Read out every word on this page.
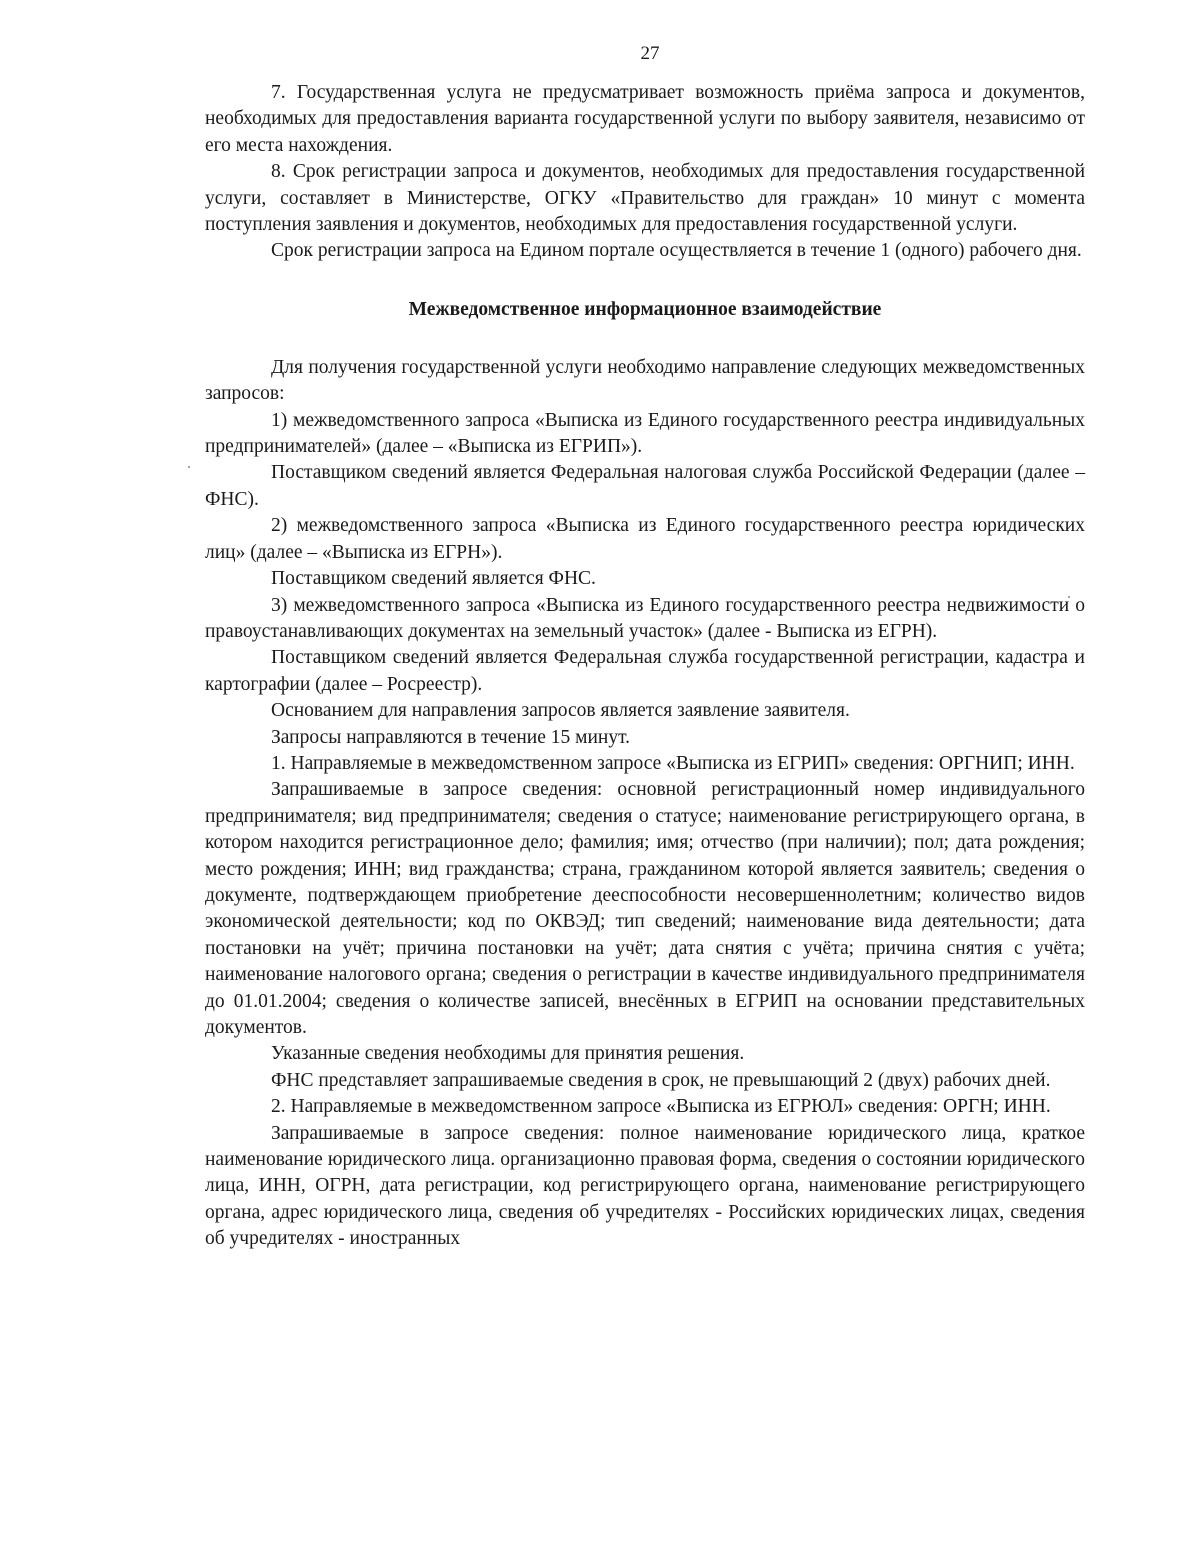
27

7. Государственная услуга не предусматривает возможность приёма запроса и документов, необходимых для предоставления варианта государственной услуги по выбору заявителя, независимо от его места нахождения.

8. Срок регистрации запроса и документов, необходимых для предоставления государственной услуги, составляет в Министерстве, ОГКУ «Правительство для граждан» 10 минут с момента поступления заявления и документов, необходимых для предоставления государственной услуги.

Срок регистрации запроса на Едином портале осуществляется в течение 1 (одного) рабочего дня.

Межведомственное информационное взаимодействие

Для получения государственной услуги необходимо направление следующих межведомственных запросов:

1) межведомственного запроса «Выписка из Единого государственного реестра индивидуальных предпринимателей» (далее – «Выписка из ЕГРИП»).

Поставщиком сведений является Федеральная налоговая служба Российской Федерации (далее – ФНС).

2) межведомственного запроса «Выписка из Единого государственного реестра юридических лиц» (далее – «Выписка из ЕГРН»).

Поставщиком сведений является ФНС.

3) межведомственного запроса «Выписка из Единого государственного реестра недвижимости о правоустанавливающих документах на земельный участок» (далее - Выписка из ЕГРН).

Поставщиком сведений является Федеральная служба государственной регистрации, кадастра и картографии (далее – Росреестр).

Основанием для направления запросов является заявление заявителя.

Запросы направляются в течение 15 минут.

1. Направляемые в межведомственном запросе «Выписка из ЕГРИП» сведения: ОРГНИП; ИНН.

Запрашиваемые в запросе сведения: основной регистрационный номер индивидуального предпринимателя; вид предпринимателя; сведения о статусе; наименование регистрирующего органа, в котором находится регистрационное дело; фамилия; имя; отчество (при наличии); пол; дата рождения; место рождения; ИНН; вид гражданства; страна, гражданином которой является заявитель; сведения о документе, подтверждающем приобретение дееспособности несовершеннолетним; количество видов экономической деятельности; код по ОКВЭД; тип сведений; наименование вида деятельности; дата постановки на учёт; причина постановки на учёт; дата снятия с учёта; причина снятия с учёта; наименование налогового органа; сведения о регистрации в качестве индивидуального предпринимателя до 01.01.2004; сведения о количестве записей, внесённых в ЕГРИП на основании представительных документов.

Указанные сведения необходимы для принятия решения.

ФНС представляет запрашиваемые сведения в срок, не превышающий 2 (двух) рабочих дней.

2. Направляемые в межведомственном запросе «Выписка из ЕГРЮЛ» сведения: ОРГН; ИНН.

Запрашиваемые в запросе сведения: полное наименование юридического лица, краткое наименование юридического лица. организационно правовая форма, сведения о состоянии юридического лица, ИНН, ОГРН, дата регистрации, код регистрирующего органа, наименование регистрирующего органа, адрес юридического лица, сведения об учредителях - Российских юридических лицах, сведения об учредителях - иностранных
